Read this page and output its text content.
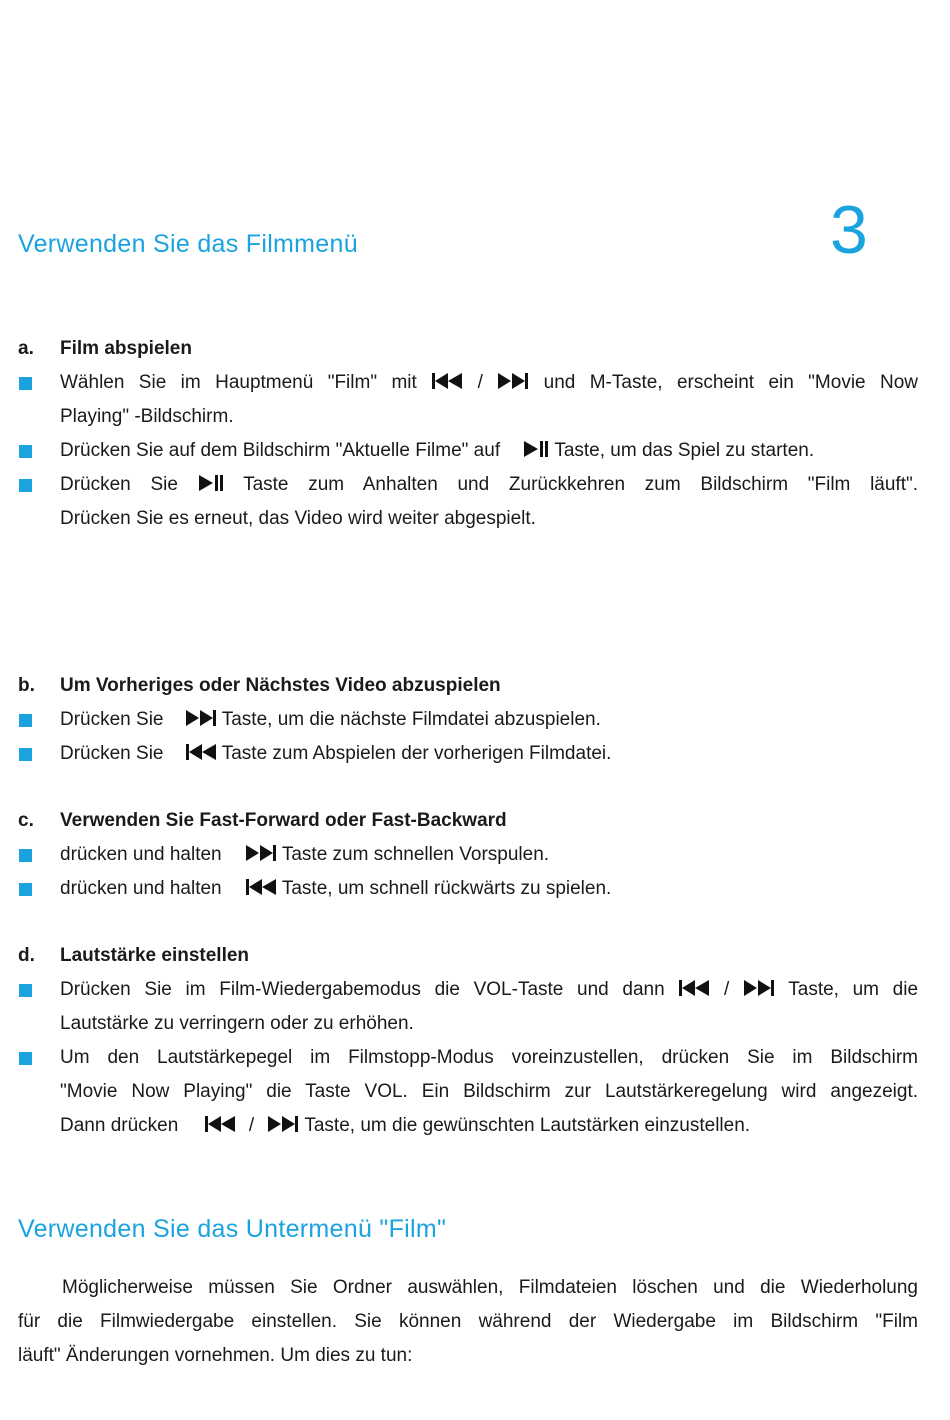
Verwenden Sie das Filmmenü	3
a. Film abspielen
Wählen Sie im Hauptmenü "Film" mit	/	und M-Taste, erscheint ein "Movie Now
Playing" -Bildschirm.
Drücken Sie auf dem Bildschirm "Aktuelle Filme" auf	Taste, um das Spiel zu starten.
Drücken Sie	Taste zum Anhalten und Zurückkehren zum Bildschirm "Film läuft".
Drücken Sie es erneut, das Video wird weiter abgespielt.
b. Um Vorheriges oder Nächstes Video abzuspielen
Drücken Sie	Taste, um die nächste Filmdatei abzuspielen.
Drücken Sie	Taste zum Abspielen der vorherigen Filmdatei.
c. Verwenden Sie Fast-Forward oder Fast-Backward
drücken und halten	Taste zum schnellen Vorspulen.
drücken und halten	Taste, um schnell rückwärts zu spielen.
d. Lautstärke einstellen
Drücken Sie im Film-Wiedergabemodus die VOL-Taste und dann	/	Taste, um die
Lautstärke zu verringern oder zu erhöhen.
Um den Lautstärkepegel im Filmstopp-Modus voreinzustellen, drücken Sie im Bildschirm
"Movie Now Playing" die Taste VOL. Ein Bildschirm zur Lautstärkeregelung wird angezeigt.
Dann drücken	/	Taste, um die gewünschten Lautstärken einzustellen.
Verwenden Sie das Untermenü "Film"
Möglicherweise müssen Sie Ordner auswählen, Filmdateien löschen und die Wiederholung
für die Filmwiedergabe einstellen. Sie können während der Wiedergabe im Bildschirm "Film
läuft" Änderungen vornehmen. Um dies zu tun:
